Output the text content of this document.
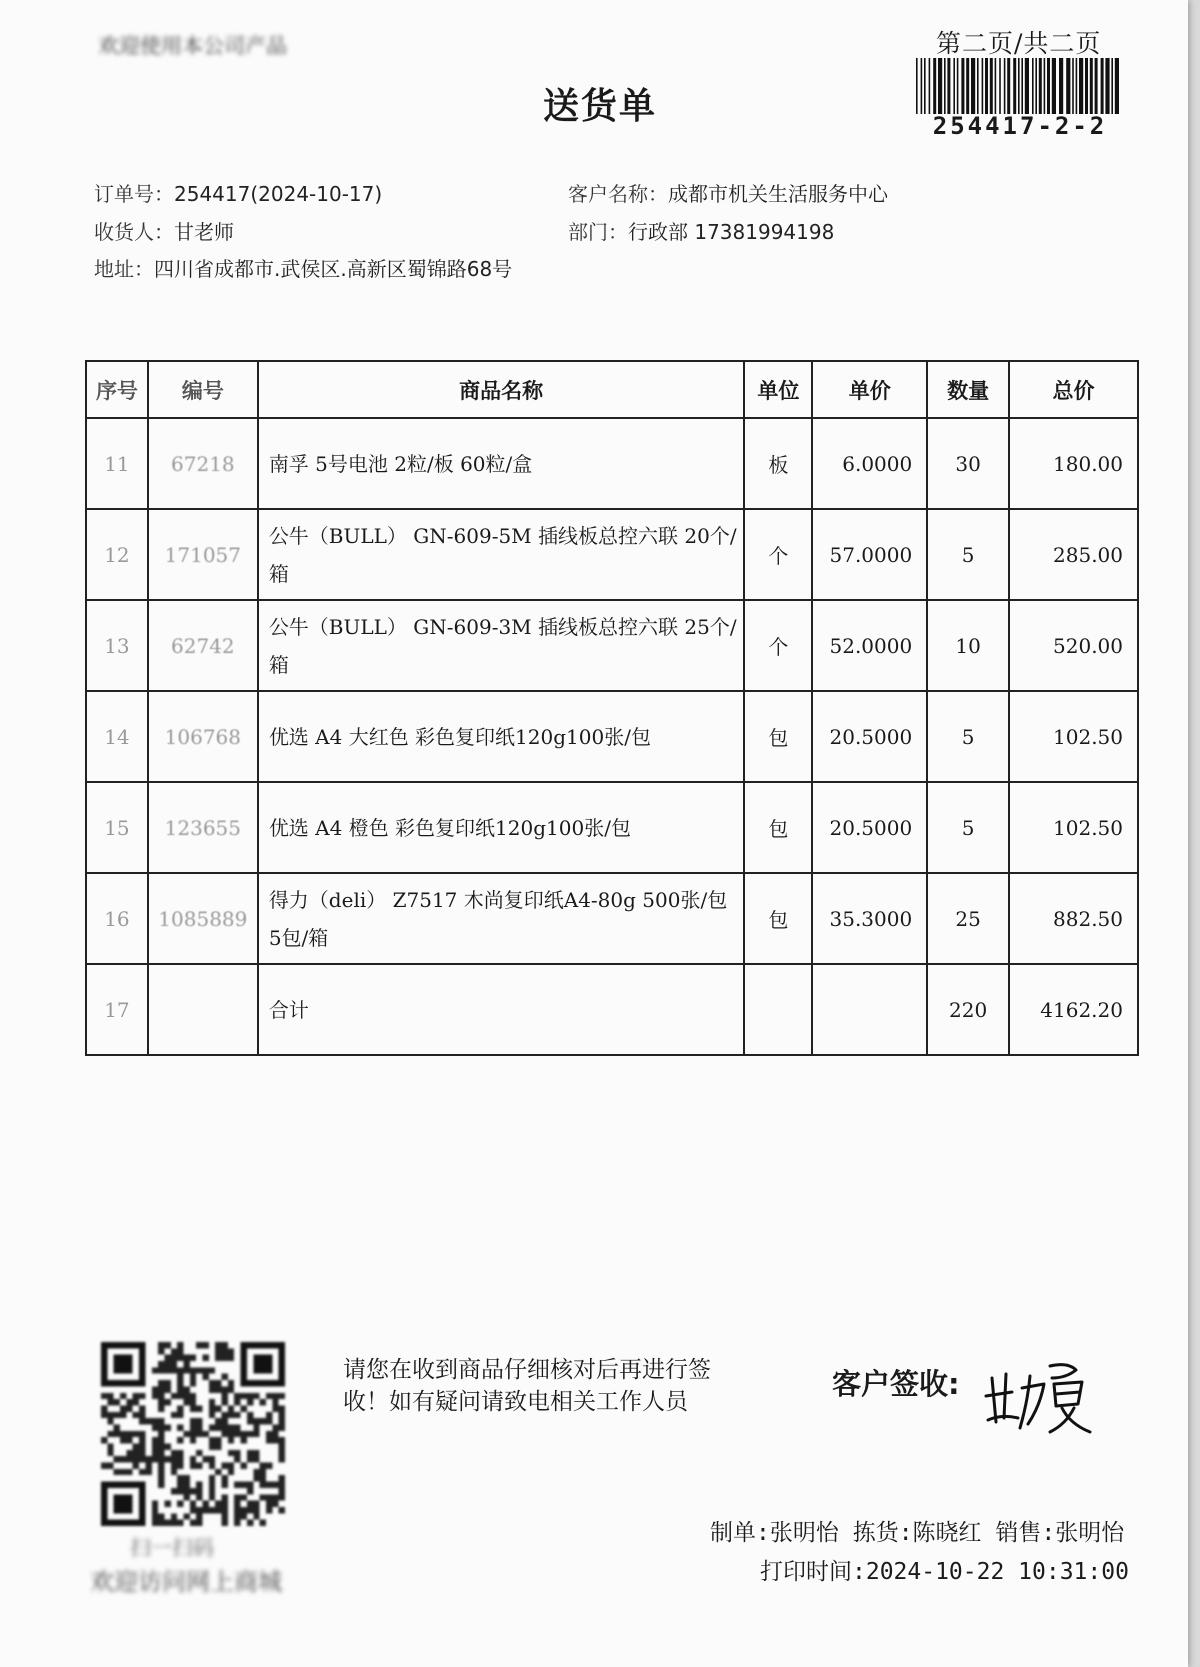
欢迎使用本公司产品	第二页/共二页
254417-2-2
送货单
订单号：254417(2024-10-17)	客户名称：成都市机关生活服务中心
收货人：甘老师	部门：行政部 17381994198
地址：四川省成都市.武侯区.高新区蜀锦路68号
序号	编号	商品名称	单位	单价	数量	总价
11	67218	南孚 5号电池 2粒/板 60粒/盒	板	6.0000	30	180.00
12	171057	公牛（BULL） GN-609-5M 插线板总控六联 20个/箱	个	57.0000	5	285.00
13	62742	公牛（BULL） GN-609-3M 插线板总控六联 25个/箱	个	52.0000	10	520.00
14	106768	优选 A4 大红色 彩色复印纸120g100张/包	包	20.5000	5	102.50
15	123655	优选 A4 橙色 彩色复印纸120g100张/包	包	20.5000	5	102.50
16	1085889	得力（deli） Z7517 木尚复印纸A4-80g 500张/包 5包/箱	包	35.3000	25	882.50
17		合计			220	4162.20
扫一扫码
欢迎访问网上商城
请您在收到商品仔细核对后再进行签
收！如有疑问请致电相关工作人员
客户签收:
制单:张明怡 拣货:陈晓红 销售:张明怡
打印时间:2024-10-22 10:31:00
